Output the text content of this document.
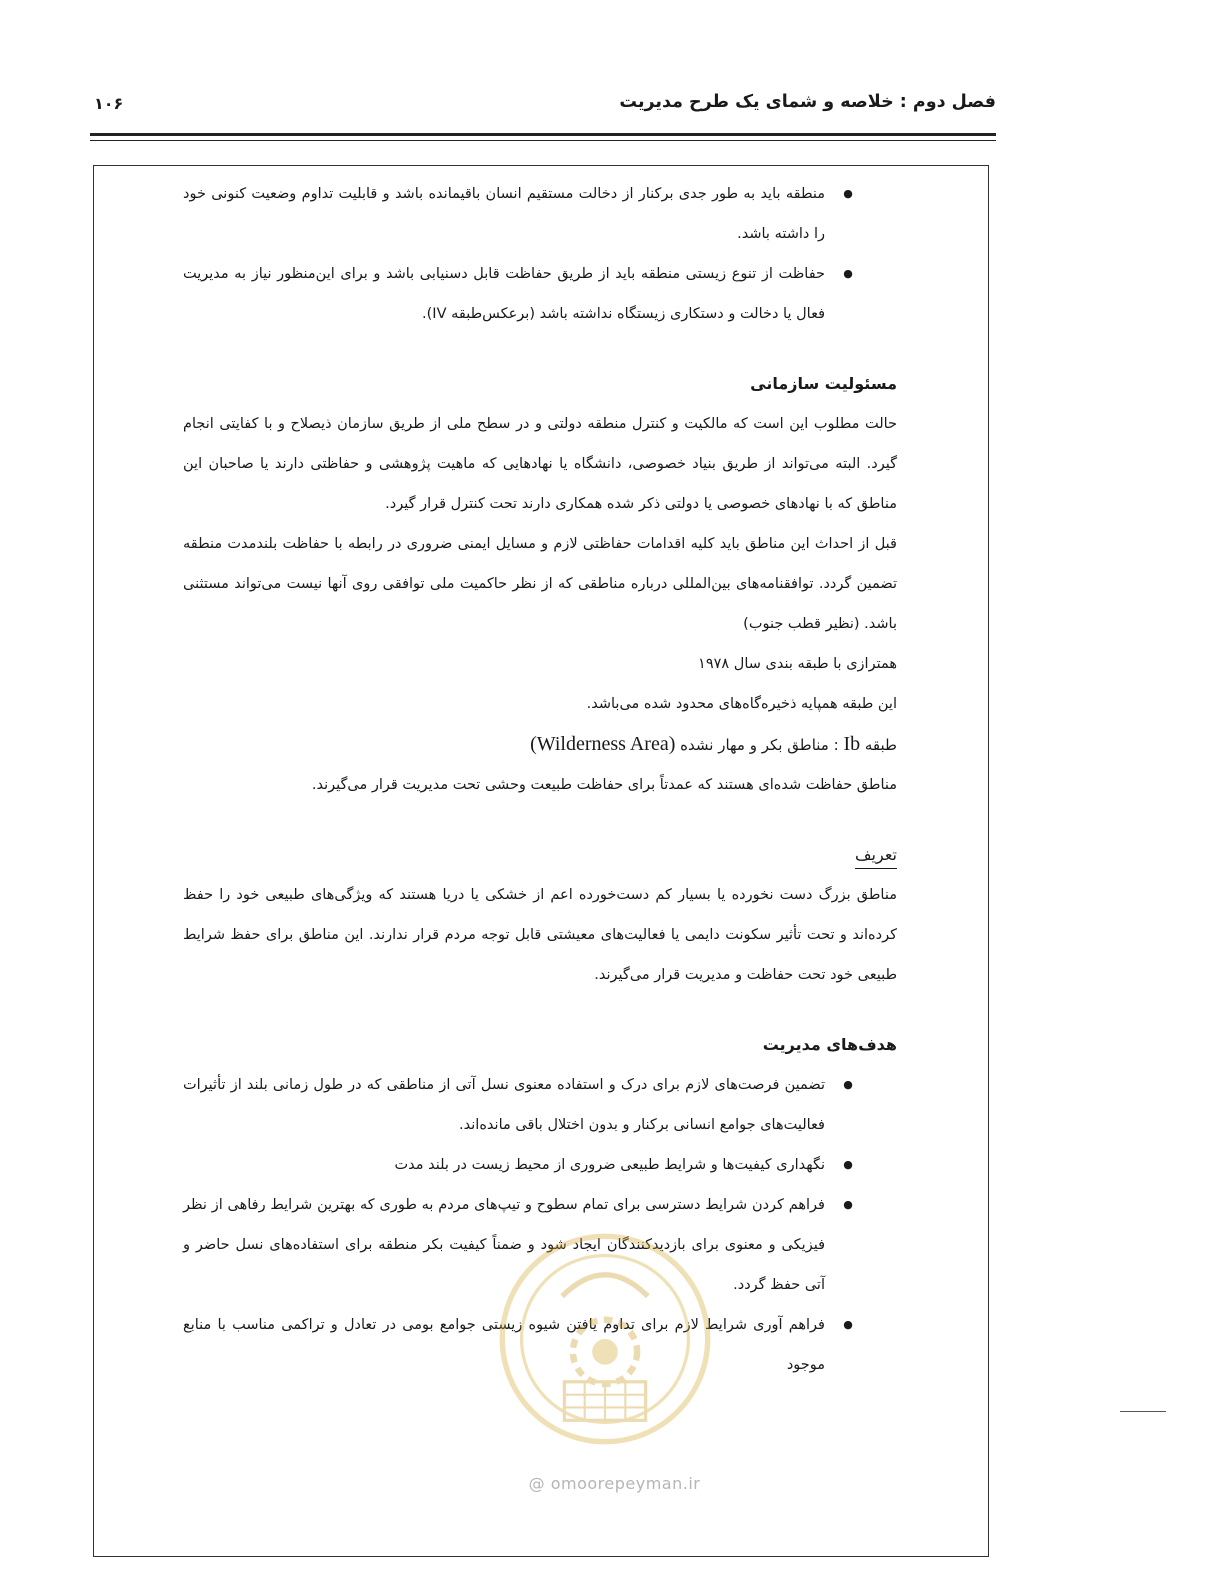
فصل دوم : خلاصه و شمای یک طرح مدیریت
۱۰۶
●
منطقه باید به طور جدی برکنار از دخالت مستقیم انسان باقیمانده باشد و قابلیت تداوم وضعیت کنونی خود را داشته باشد.
●
حفاظت از تنوع زیستی منطقه باید از طریق حفاظت قابل دسنیابی باشد و برای این‌منظور نیاز به مدیریت فعال یا دخالت و دستکاری زیستگاه نداشته باشد (برعکس‌طبقه IV).
مسئولیت سازمانی

حالت مطلوب این است که مالکیت و کنترل منطقه دولتی و در سطح ملی از طریق سازمان ذیصلاح و با کفایتی انجام گیرد. البته می‌تواند از طریق بنیاد خصوصی، دانشگاه یا نهادهایی که ماهیت پژوهشی و حفاظتی دارند یا صاحبان این مناطق که با نهادهای خصوصی یا دولتی ذکر شده همکاری دارند تحت کنترل قرار گیرد.

قبل از احداث این مناطق باید کلیه اقدامات حفاظتی لازم و مسایل ایمنی ضروری در رابطه با حفاظت بلندمدت منطقه تضمین گردد. توافقنامه‌های بین‌المللی درباره مناطقی که از نظر حاکمیت ملی توافقی روی آنها نیست می‌تواند مستثنی باشد. (نظیر قطب جنوب)

همترازی با طبقه بندی سال ۱۹۷۸

این طبقه همپایه ذخیره‌گاه‌های محدود شده می‌باشد.

طبقه Ib : مناطق بکر و مهار نشده (Wilderness Area)

مناطق حفاظت شده‌ای هستند که عمدتاً برای حفاظت طبیعت وحشی تحت مدیریت قرار می‌گیرند.

تعریف

مناطق بزرگ دست نخورده یا بسیار کم دست‌خورده اعم از خشکی یا دریا هستند که ویژگی‌های طبیعی خود را حفظ کرده‌اند و تحت تأثیر سکونت دایمی یا فعالیت‌های معیشتی قابل توجه مردم قرار ندارند. این مناطق برای حفظ شرایط طبیعی خود تحت حفاظت و مدیریت قرار می‌گیرند.

هدف‌های مدیریت
●
تضمین فرصت‌های لازم برای درک و استفاده معنوی نسل آتی از مناطقی که در طول زمانی بلند از تأثیرات فعالیت‌های جوامع انسانی برکنار و بدون اختلال باقی مانده‌اند.
●
نگهداری کیفیت‌ها و شرایط طبیعی ضروری از محیط زیست در بلند مدت
●
فراهم کردن شرایط دسترسی برای تمام سطوح و تیپ‌های مردم به طوری که بهترین شرایط رفاهی از نظر فیزیکی و معنوی برای بازدیدکنندگان ایجاد شود و ضمناً کیفیت بکر منطقه برای استفاده‌های نسل حاضر و آتی حفظ گردد.
●
فراهم آوری شرایط لازم برای تداوم یافتن شیوه زیستی جوامع بومی در تعادل و تراکمی مناسب با منابع موجود
@ omoorepeyman.ir
